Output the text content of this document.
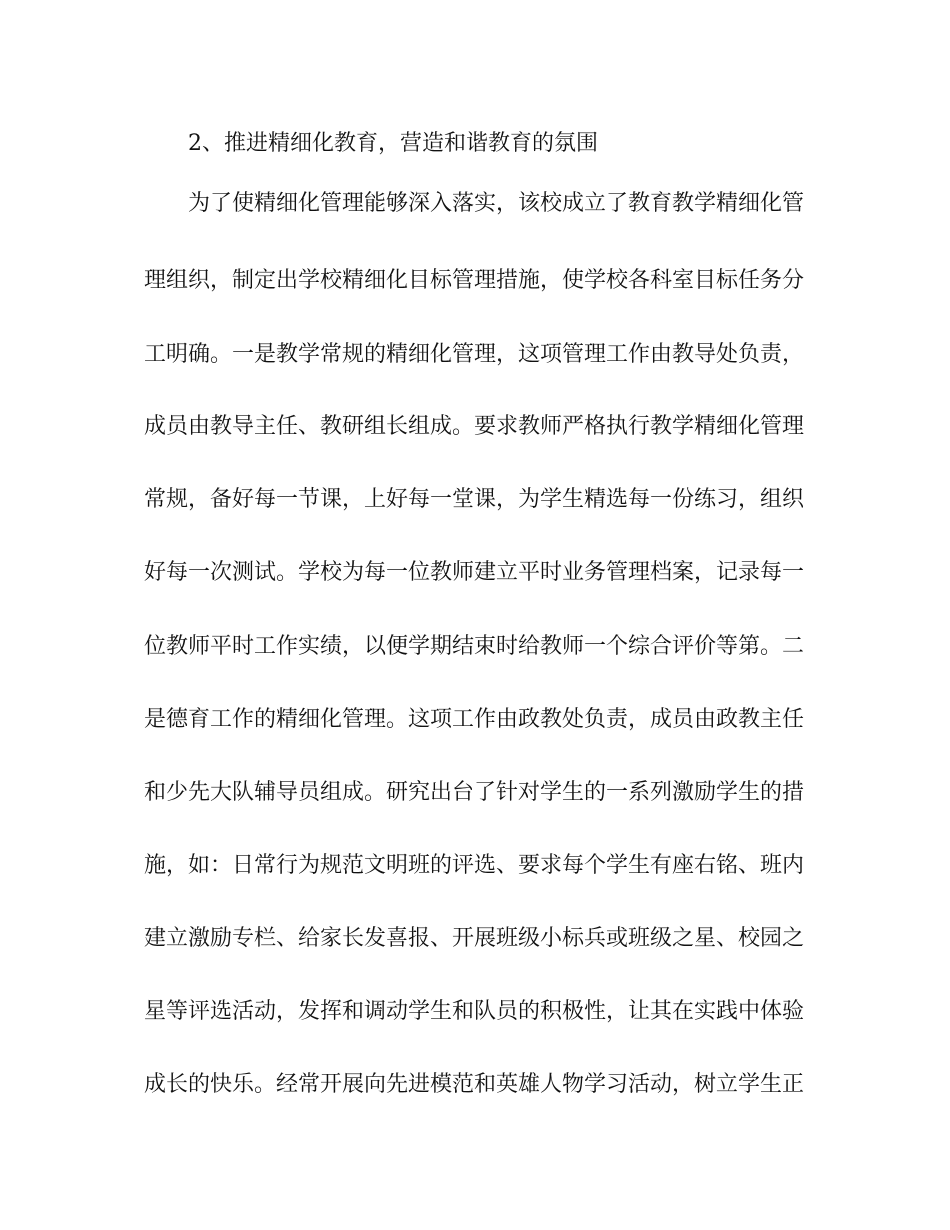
2、推进精细化教育，营造和谐教育的氛围
为了使精细化管理能够深入落实，该校成立了教育教学精细化管
理组织，制定出学校精细化目标管理措施，使学校各科室目标任务分
工明确。一是教学常规的精细化管理，这项管理工作由教导处负责，
成员由教导主任、教研组长组成。要求教师严格执行教学精细化管理
常规，备好每一节课，上好每一堂课，为学生精选每一份练习，组织
好每一次测试。学校为每一位教师建立平时业务管理档案，记录每一
位教师平时工作实绩，以便学期结束时给教师一个综合评价等第。二
是德育工作的精细化管理。这项工作由政教处负责，成员由政教主任
和少先大队辅导员组成。研究出台了针对学生的一系列激励学生的措
施，如：日常行为规范文明班的评选、要求每个学生有座右铭、班内
建立激励专栏、给家长发喜报、开展班级小标兵或班级之星、校园之
星等评选活动，发挥和调动学生和队员的积极性，让其在实践中体验
成长的快乐。经常开展向先进模范和英雄人物学习活动，树立学生正
